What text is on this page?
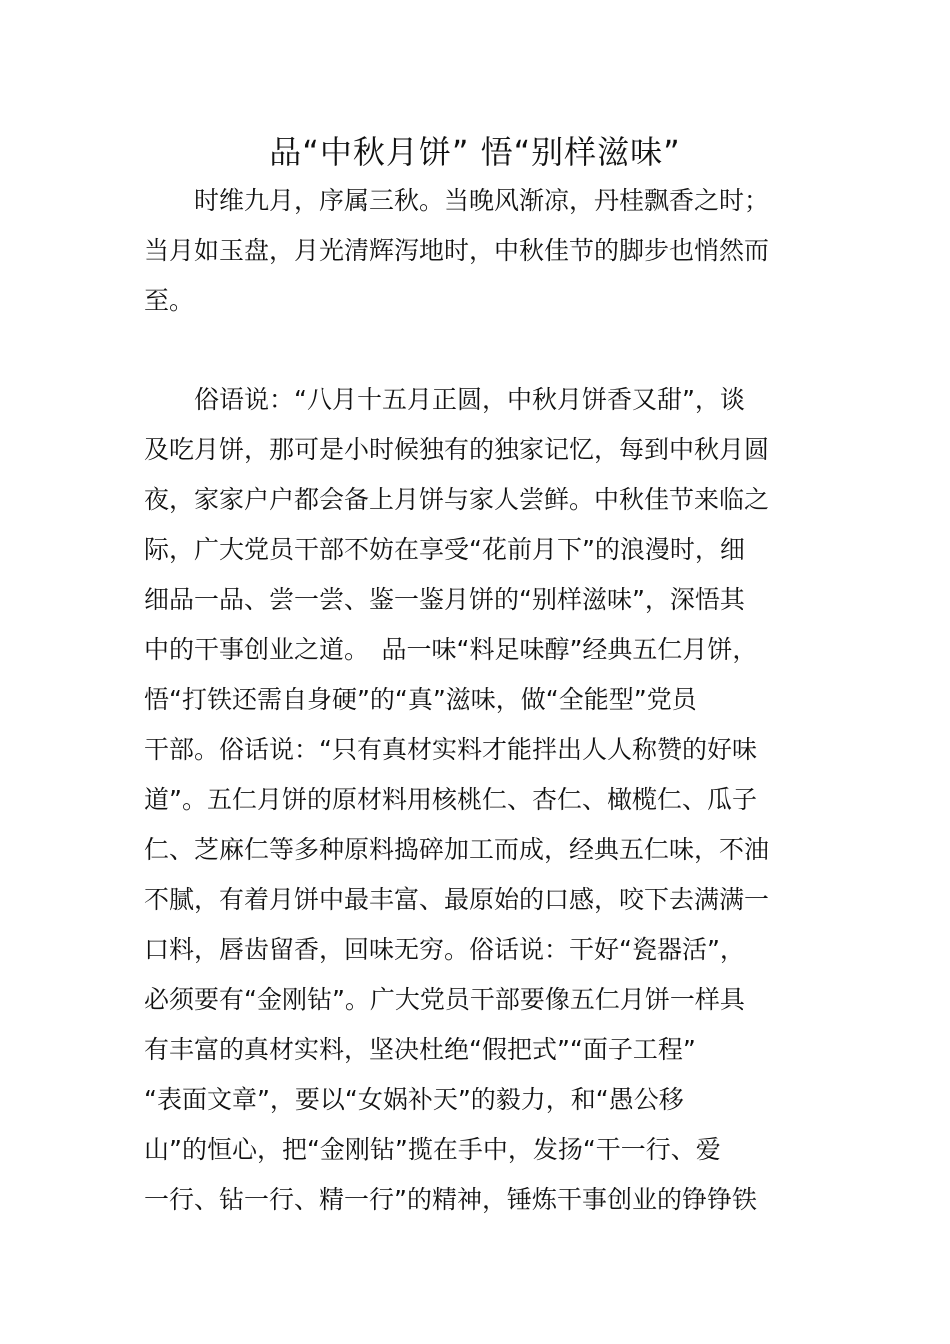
品“中秋月饼” 悟“别样滋味”
　　时维九月，序属三秋。当晚风渐凉，丹桂飘香之时；
当月如玉盘，月光清辉泻地时，中秋佳节的脚步也悄然而
至。
　　俗语说：“八月十五月正圆，中秋月饼香又甜”，谈
及吃月饼，那可是小时候独有的独家记忆，每到中秋月圆
夜，家家户户都会备上月饼与家人尝鲜。中秋佳节来临之
际，广大党员干部不妨在享受“花前月下”的浪漫时，细
细品一品、尝一尝、鉴一鉴月饼的“别样滋味”，深悟其
中的干事创业之道。　品一味“料足味醇”经典五仁月饼，
悟“打铁还需自身硬”的“真”滋味，做“全能型”党员
干部。俗话说：“只有真材实料才能拌出人人称赞的好味
道”。五仁月饼的原材料用核桃仁、杏仁、橄榄仁、瓜子
仁、芝麻仁等多种原料捣碎加工而成，经典五仁味，不油
不腻，有着月饼中最丰富、最原始的口感，咬下去满满一
口料，唇齿留香，回味无穷。俗话说：干好“瓷器活”，
必须要有“金刚钻”。广大党员干部要像五仁月饼一样具
有丰富的真材实料，坚决杜绝“假把式”“面子工程”
“表面文章”，要以“女娲补天”的毅力，和“愚公移
山”的恒心，把“金刚钻”揽在手中，发扬“干一行、爱
一行、钻一行、精一行”的精神，锤炼干事创业的铮铮铁
